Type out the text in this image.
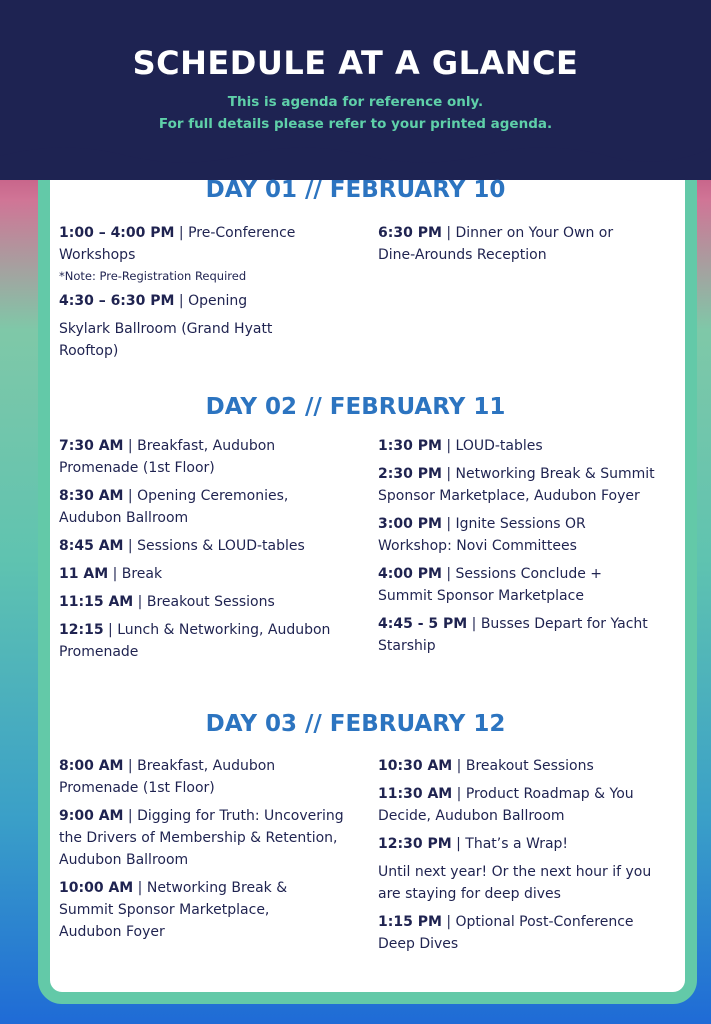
SCHEDULE AT A GLANCE

This is agenda for reference only.

For full details please refer to your printed agenda.

DAY 01 // FEBRUARY 10

1:00 – 4:00 PM | Pre-Conference Workshops

*Note: Pre-Registration Required

4:30 – 6:30 PM | Opening

Skylark Ballroom (Grand Hyatt Rooftop)

6:30 PM | Dinner on Your Own or Dine-Arounds Reception

DAY 02 // FEBRUARY 11

7:30 AM | Breakfast, Audubon Promenade (1st Floor)

8:30 AM | Opening Ceremonies, Audubon Ballroom

8:45 AM | Sessions & LOUD-tables

11 AM | Break

11:15 AM | Breakout Sessions

12:15 | Lunch & Networking, Audubon Promenade

1:30 PM | LOUD-tables

2:30 PM | Networking Break & Summit Sponsor Marketplace, Audubon Foyer

3:00 PM | Ignite Sessions OR Workshop: Novi Committees

4:00 PM | Sessions Conclude + Summit Sponsor Marketplace

4:45 - 5 PM | Busses Depart for Yacht Starship

DAY 03 // FEBRUARY 12

8:00 AM | Breakfast, Audubon Promenade (1st Floor)

9:00 AM | Digging for Truth: Uncovering the Drivers of Membership & Retention, Audubon Ballroom

10:00 AM | Networking Break & Summit Sponsor Marketplace, Audubon Foyer

10:30 AM | Breakout Sessions

11:30 AM | Product Roadmap & You Decide, Audubon Ballroom

12:30 PM | That’s a Wrap!

Until next year! Or the next hour if you are staying for deep dives

1:15 PM | Optional Post-Conference Deep Dives
